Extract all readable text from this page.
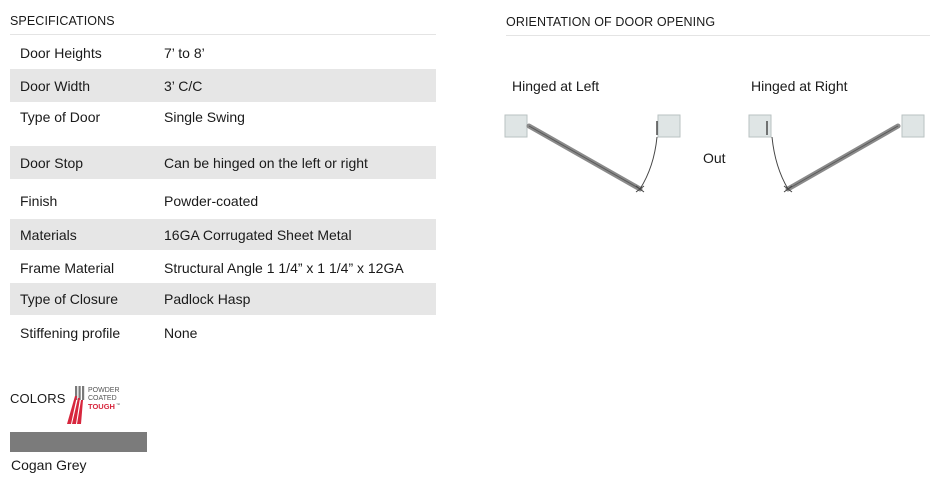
SPECIFICATIONS
Door Heights	7’ to 8’
Door Width	3’ C/C
Type of Door	Single Swing
Door Stop	Can be hinged on the left or right
Finish	Powder-coated
Materials	16GA Corrugated Sheet Metal
Frame Material	Structural Angle 1 1/4” x 1 1/4” x 12GA
Type of Closure	Padlock Hasp
Stiffening profile	None
COLORS
POWDER
COATED
TOUGH ™
Cogan Grey
ORIENTATION OF DOOR OPENING
Hinged at Left	Hinged at Right
Out
